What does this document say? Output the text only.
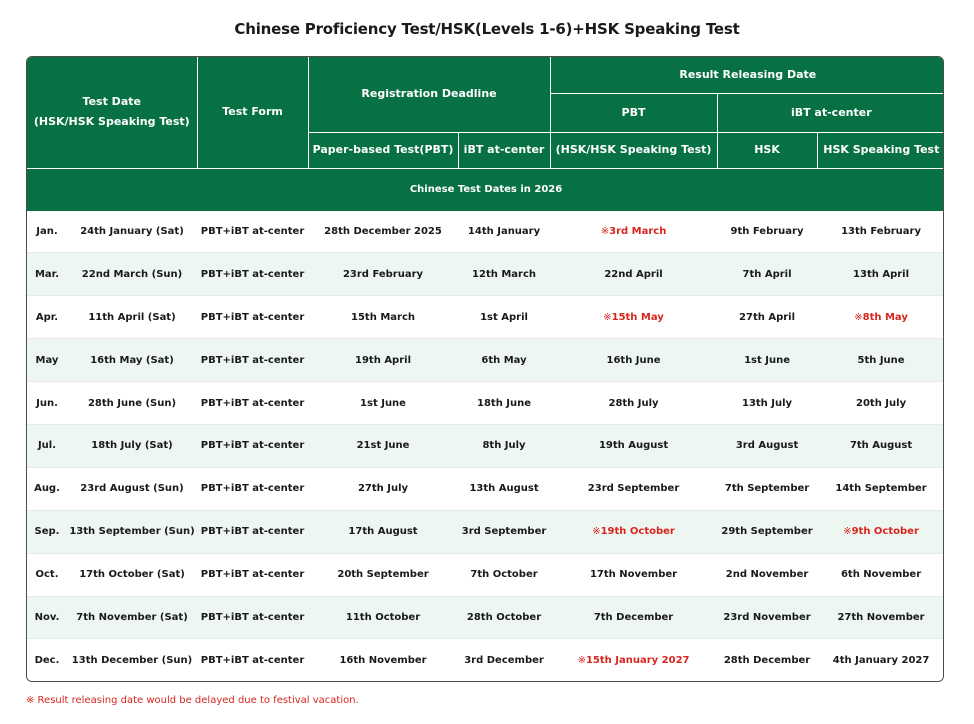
Chinese Proficiency Test/HSK(Levels 1-6)+HSK Speaking Test
Test Date
(HSK/HSK Speaking Test)		Test Form	Registration Deadline		Result Releasing Date		
					PBT	iBT at-center	
			Paper-based Test(PBT)	iBT at-center	(HSK/HSK Speaking Test)	HSK	HSK Speaking Test
Chinese Test Dates in 2026							
Jan.	24th January (Sat)	PBT+iBT at-center	28th December 2025	14th January	※3rd March	9th February	13th February
Mar.	22nd March (Sun)	PBT+iBT at-center	23rd February	12th March	22nd April	7th April	13th April
Apr.	11th April (Sat)	PBT+iBT at-center	15th March	1st April	※15th May	27th April	※8th May
May	16th May (Sat)	PBT+iBT at-center	19th April	6th May	16th June	1st June	5th June
Jun.	28th June (Sun)	PBT+iBT at-center	1st June	18th June	28th July	13th July	20th July
Jul.	18th July (Sat)	PBT+iBT at-center	21st June	8th July	19th August	3rd August	7th August
Aug.	23rd August (Sun)	PBT+iBT at-center	27th July	13th August	23rd September	7th September	14th September
Sep.	13th September (Sun)	PBT+iBT at-center	17th August	3rd September	※19th October	29th September	※9th October
Oct.	17th October (Sat)	PBT+iBT at-center	20th September	7th October	17th November	2nd November	6th November
Nov.	7th November (Sat)	PBT+iBT at-center	11th October	28th October	7th December	23rd November	27th November
Dec.	13th December (Sun)	PBT+iBT at-center	16th November	3rd December	※15th January 2027	28th December	4th January 2027
※ Result releasing date would be delayed due to festival vacation.
